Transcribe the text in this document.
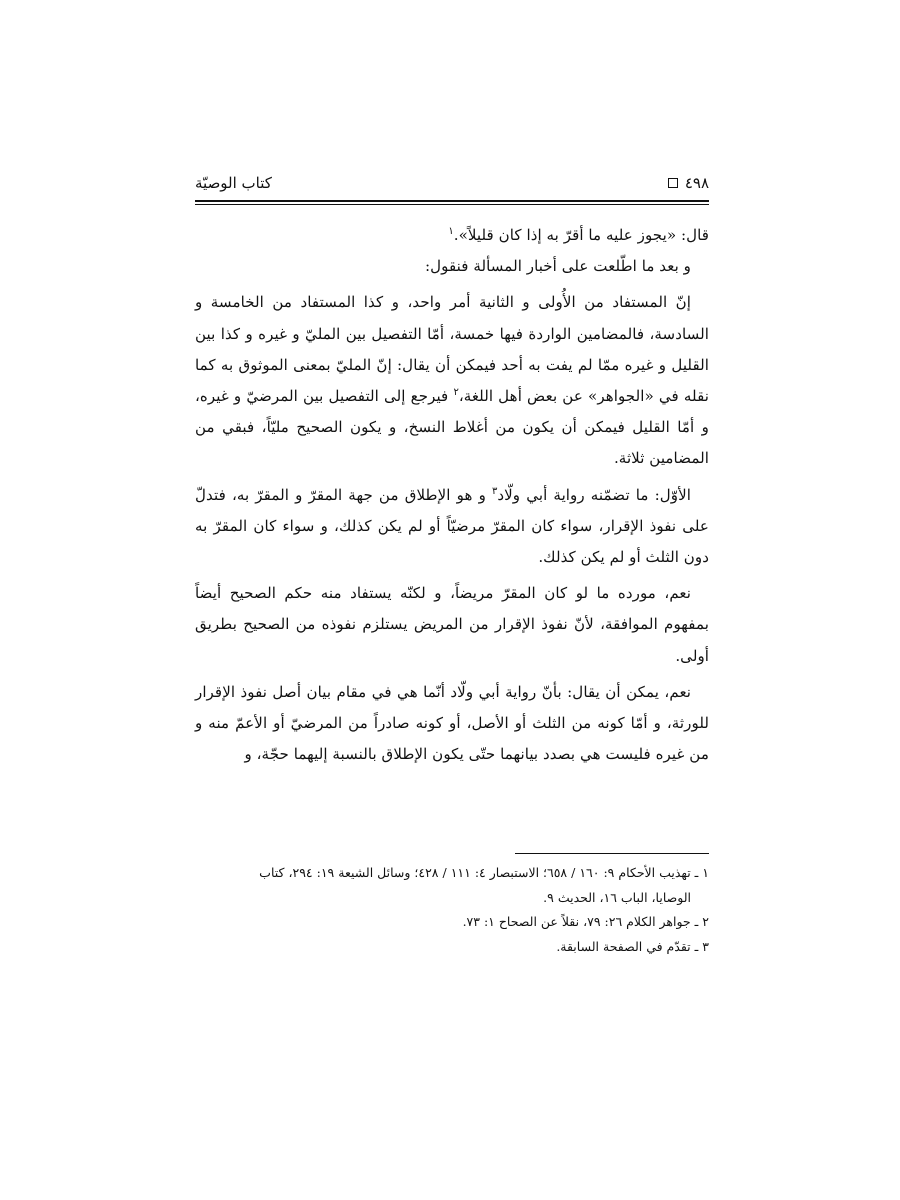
٤٩٨
كتاب الوصيّة

قال: «يجوز عليه ما أقرّ به إذا كان قليلاً».$^١$

و بعد ما اطّلعت على أخبار المسألة فنقول:

إنّ المستفاد من الأُولى و الثانية أمر واحد، و كذا المستفاد من الخامسة و السادسة، فالمضامين الواردة فيها خمسة، أمّا التفصيل بين المليّ و غيره و كذا بين القليل و غيره ممّا لم يفت به أحد فيمكن أن يقال: إنّ المليّ بمعنى الموثوق به كما نقله في «الجواهر» عن بعض أهل اللغة،$^٢$ فيرجع إلى التفصيل بين المرضيّ و غيره، و أمّا القليل فيمكن أن يكون من أغلاط النسخ، و يكون الصحيح مليّاً، فبقي من المضامين ثلاثة.

الأوّل: ما تضمّنه رواية أبي ولّاد$^٣$ و هو الإطلاق من جهة المقرّ و المقرّ به، فتدلّ على نفوذ الإقرار، سواء كان المقرّ مرضيّاً أو لم يكن كذلك، و سواء كان المقرّ به دون الثلث أو لم يكن كذلك.

نعم، مورده ما لو كان المقرّ مريضاً، و لكنّه يستفاد منه حكم الصحيح أيضاً بمفهوم الموافقة، لأنّ نفوذ الإقرار من المريض يستلزم نفوذه من الصحيح بطريق أولى.

نعم، يمكن أن يقال: بأنّ رواية أبي ولّاد أنّما هي في مقام بيان أصل نفوذ الإقرار للورثة، و أمّا كونه من الثلث أو الأصل، أو كونه صادراً من المرضيّ أو الأعمّ منه و من غيره فليست هي بصدد بيانهما حتّى يكون الإطلاق بالنسبة إليهما حجّة، و

١ ـ تهذيب الأحكام ٩: ١٦٠ / ٦٥٨؛ الاستبصار ٤: ١١١ / ٤٢٨؛ وسائل الشيعة ١٩: ٢٩٤، كتاب

الوصايا، الباب ١٦، الحديث ٩.

٢ ـ جواهر الكلام ٢٦: ٧٩، نقلاً عن الصحاح ١: ٧٣.

٣ ـ تقدّم في الصفحة السابقة.
